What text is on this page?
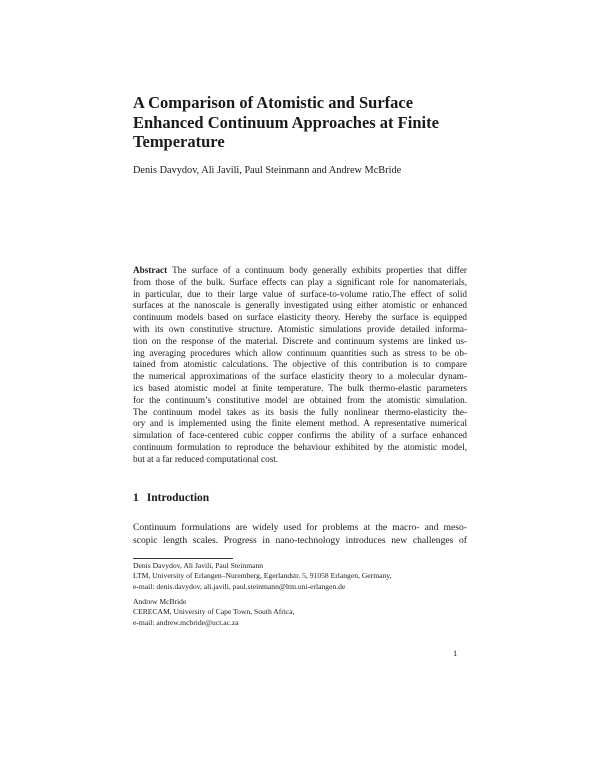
A Comparison of Atomistic and Surface
Enhanced Continuum Approaches at Finite
Temperature

Denis Davydov, Ali Javili, Paul Steinmann and Andrew McBride

Abstract The surface of a continuum body generally exhibits properties that differ
from those of the bulk. Surface effects can play a significant role for nanomaterials,
in particular, due to their large value of surface-to-volume ratio.The effect of solid
surfaces at the nanoscale is generally investigated using either atomistic or enhanced
continuum models based on surface elasticity theory. Hereby the surface is equipped
with its own constitutive structure. Atomistic simulations provide detailed informa-
tion on the response of the material. Discrete and continuum systems are linked us-
ing averaging procedures which allow continuum quantities such as stress to be ob-
tained from atomistic calculations. The objective of this contribution is to compare
the numerical approximations of the surface elasticity theory to a molecular dynam-
ics based atomistic model at finite temperature. The bulk thermo-elastic parameters
for the continuum’s constitutive model are obtained from the atomistic simulation.
The continuum model takes as its basis the fully nonlinear thermo-elasticity the-
ory and is implemented using the finite element method. A representative numerical
simulation of face-centered cubic copper confirms the ability of a surface enhanced
continuum formulation to reproduce the behaviour exhibited by the atomistic model,
but at a far reduced computational cost.
1 Introduction
Continuum formulations are widely used for problems at the macro- and meso-
scopic length scales. Progress in nano-technology introduces new challenges of
Denis Davydov, Ali Javili, Paul Steinmann
LTM, University of Erlangen–Nuremberg, Egerlandstr. 5, 91058 Erlangen, Germany,
e-mail: denis.davydov, ali.javili, paul.steinmann@ltm.uni-erlangen.de
Andrew McBride
CERECAM, University of Cape Town, South Africa,
e-mail: andrew.mcbride@uct.ac.za

1
